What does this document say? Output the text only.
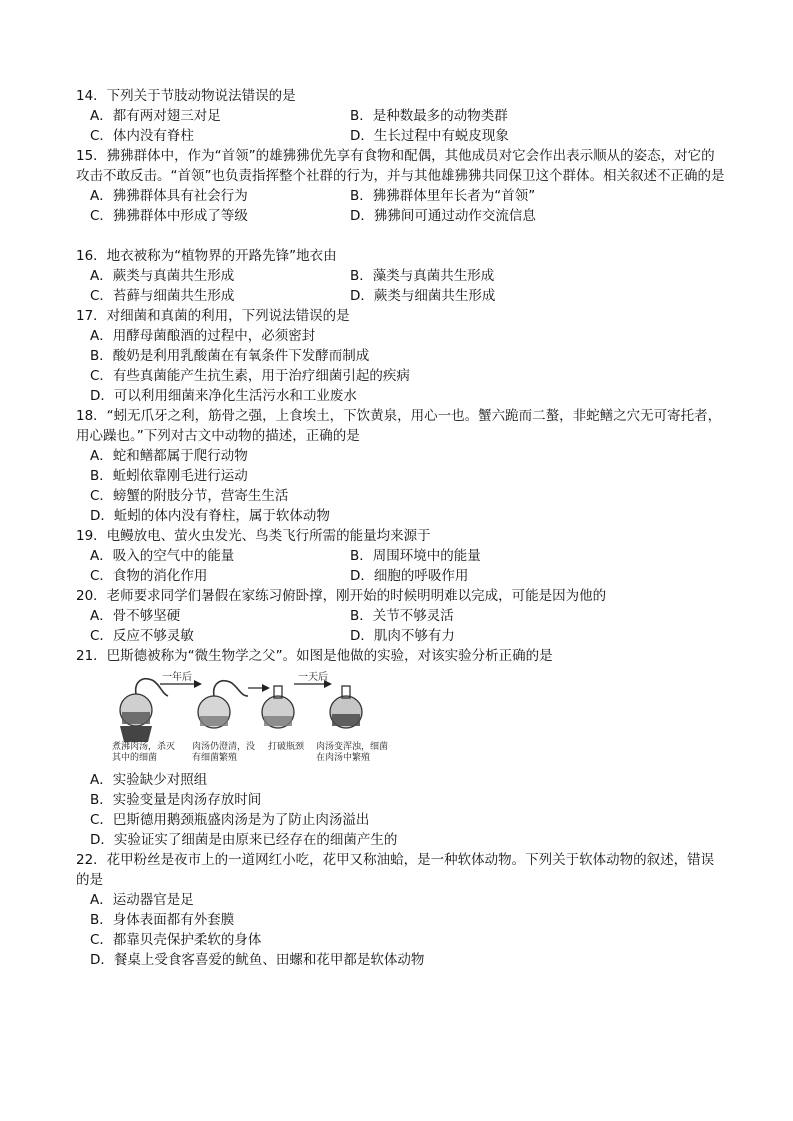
14．下列关于节肢动物说法错误的是
A．都有两对翅三对足	B．是种数最多的动物类群
C．体内没有脊柱	D．生长过程中有蜕皮现象
15．狒狒群体中，作为“首领”的雄狒狒优先享有食物和配偶，其他成员对它会作出表示顺从的姿态，对它的攻击不敢反击。“首领”也负责指挥整个社群的行为，并与其他雄狒狒共同保卫这个群体。相关叙述不正确的是
A．狒狒群体具有社会行为	B．狒狒群体里年长者为“首领”
C．狒狒群体中形成了等级	D．狒狒间可通过动作交流信息
16．地衣被称为“植物界的开路先锋”地衣由
A．蕨类与真菌共生形成	B．藻类与真菌共生形成
C．苔藓与细菌共生形成	D．蕨类与细菌共生形成
17．对细菌和真菌的利用，下列说法错误的是
A．用酵母菌酿酒的过程中，必须密封
B．酸奶是利用乳酸菌在有氧条件下发酵而制成
C．有些真菌能产生抗生素，用于治疗细菌引起的疾病
D．可以利用细菌来净化生活污水和工业废水
18．“蚓无爪牙之利，筋骨之强，上食埃土，下饮黄泉，用心一也。蟹六跪而二螯，非蛇鳝之穴无可寄托者，用心躁也。”下列对古文中动物的描述，正确的是
A．蛇和鳝都属于爬行动物
B．蚯蚓依靠刚毛进行运动
C．螃蟹的附肢分节，营寄生生活
D．蚯蚓的体内没有脊柱，属于软体动物
19．电鳗放电、萤火虫发光、鸟类飞行所需的能量均来源于
A．吸入的空气中的能量	B．周围环境中的能量
C．食物的消化作用	D．细胞的呼吸作用
20．老师要求同学们暑假在家练习俯卧撑，刚开始的时候明明难以完成，可能是因为他的
A．骨不够坚硬	B．关节不够灵活
C．反应不够灵敏	D．肌肉不够有力
21．巴斯德被称为“微生物学之父”。如图是他做的实验，对该实验分析正确的是
一年后	一天后
煮沸肉汤，杀灭其中的细菌
肉汤仍澄清，没有细菌繁殖
打破瓶颈	肉汤变浑浊，细菌在肉汤中繁殖
A．实验缺少对照组
B．实验变量是肉汤存放时间
C．巴斯德用鹅颈瓶盛肉汤是为了防止肉汤溢出
D．实验证实了细菌是由原来已经存在的细菌产生的
22．花甲粉丝是夜市上的一道网红小吃，花甲又称油蛤，是一种软体动物。下列关于软体动物的叙述，错误的是
A．运动器官是足
B．身体表面都有外套膜
C．都靠贝壳保护柔软的身体
D．餐桌上受食客喜爱的鱿鱼、田螺和花甲都是软体动物
